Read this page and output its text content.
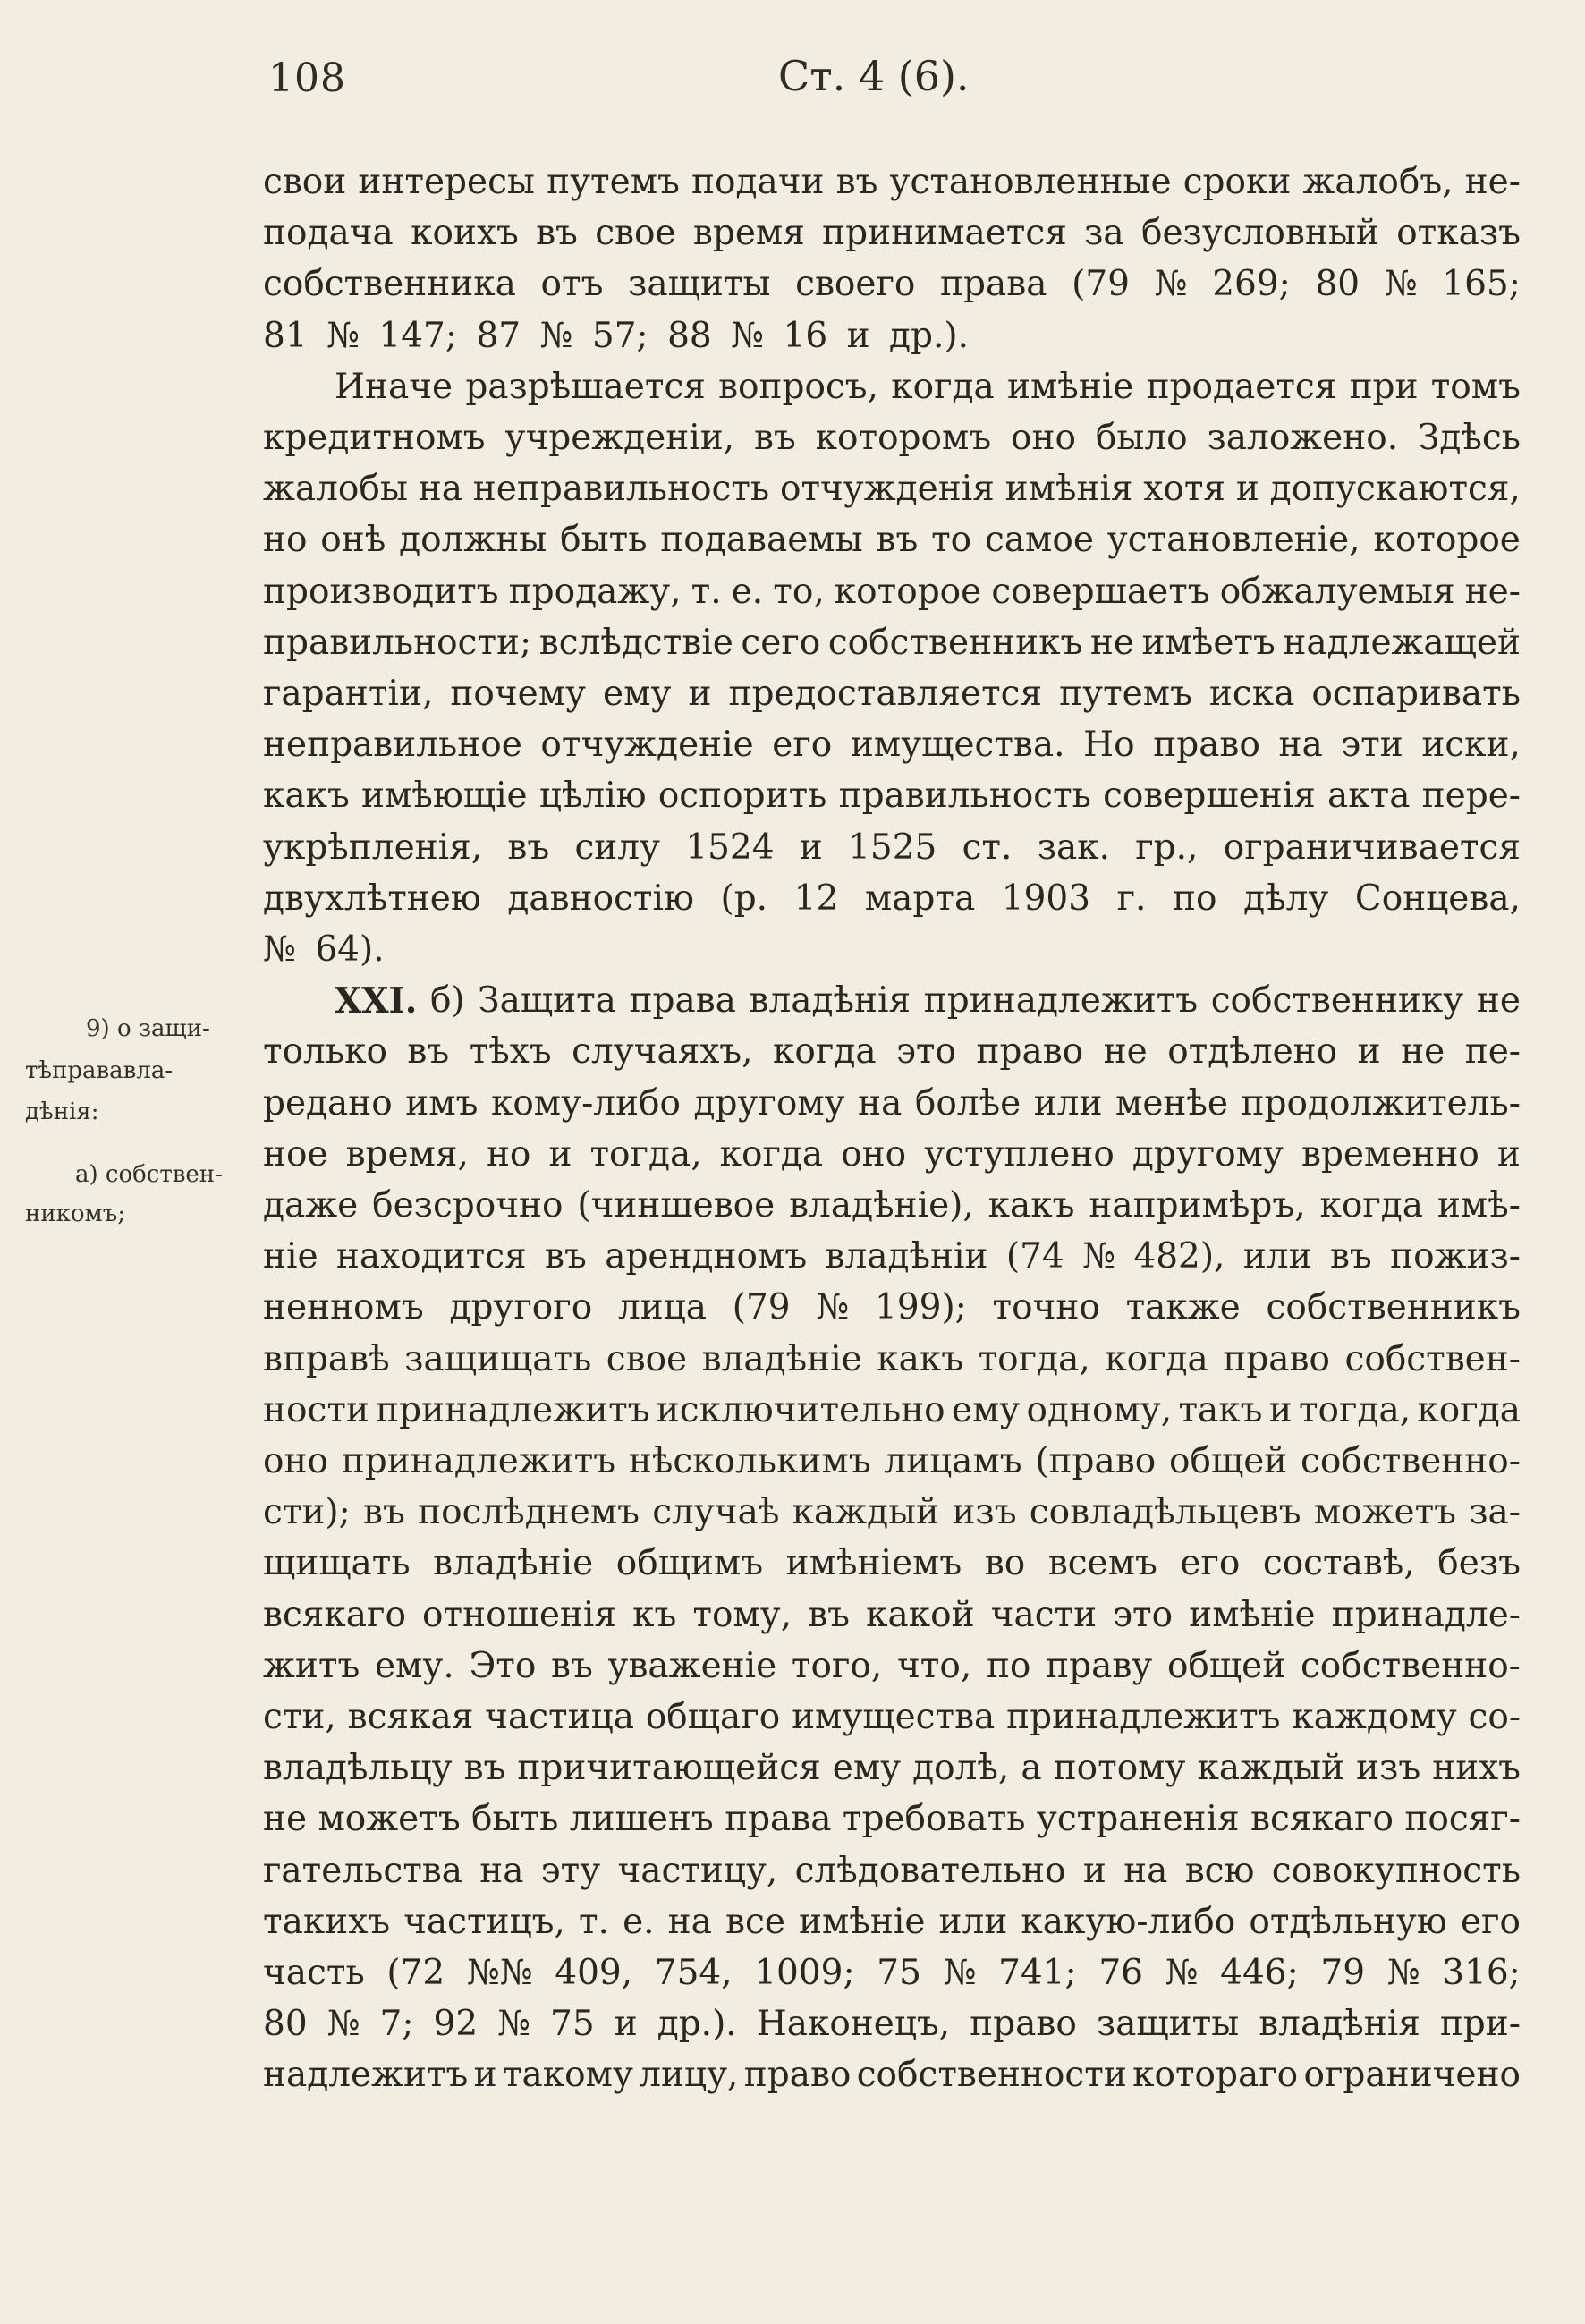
108	Ст. 4 (6).
9) о защи-
тѣправавла-
дѣнія:
а) собствен-
никомъ;
свои интересы путемъ подачи въ установленные сроки жалобъ, не-
подача коихъ въ свое время принимается за безусловный отказъ
собственника отъ защиты своего права (79 № 269; 80 № 165;
81 № 147; 87 № 57; 88 № 16 и др.).
Иначе разрѣшается вопросъ, когда имѣніе продается при томъ
кредитномъ учрежденіи, въ которомъ оно было заложено. Здѣсь
жалобы на неправильность отчужденія имѣнія хотя и допускаются,
но онѣ должны быть подаваемы въ то самое установленіе, которое
производитъ продажу, т. е. то, которое совершаетъ обжалуемыя не-
правильности; вслѣдствіе сего собственникъ не имѣетъ надлежащей
гарантіи, почему ему и предоставляется путемъ иска оспаривать
неправильное отчужденіе его имущества. Но право на эти иски,
какъ имѣющіе цѣлію оспорить правильность совершенія акта пере-
укрѣпленія, въ силу 1524 и 1525 ст. зак. гр., ограничивается
двухлѣтнею давностію (р. 12 марта 1903 г. по дѣлу Сонцева,
№ 64).
XXI. б) Защита права владѣнія принадлежитъ собственнику не
только въ тѣхъ случаяхъ, когда это право не отдѣлено и не пе-
редано имъ кому-либо другому на болѣе или менѣе продолжитель-
ное время, но и тогда, когда оно уступлено другому временно и
даже безсрочно (чиншевое владѣніе), какъ напримѣръ, когда имѣ-
ніе находится въ арендномъ владѣніи (74 № 482), или въ пожиз-
ненномъ другого лица (79 № 199); точно также собственникъ
вправѣ защищать свое владѣніе какъ тогда, когда право собствен-
ности принадлежитъ исключительно ему одному, такъ и тогда, когда
оно принадлежитъ нѣсколькимъ лицамъ (право общей собственно-
сти); въ послѣднемъ случаѣ каждый изъ совладѣльцевъ можетъ за-
щищать владѣніе общимъ имѣніемъ во всемъ его составѣ, безъ
всякаго отношенія къ тому, въ какой части это имѣніе принадле-
житъ ему. Это въ уваженіе того, что, по праву общей собственно-
сти, всякая частица общаго имущества принадлежитъ каждому со-
владѣльцу въ причитающейся ему долѣ, а потому каждый изъ нихъ
не можетъ быть лишенъ права требовать устраненія всякаго посяг-
гательства на эту частицу, слѣдовательно и на всю совокупность
такихъ частицъ, т. е. на все имѣніе или какую-либо отдѣльную его
часть (72 №№ 409, 754, 1009; 75 № 741; 76 № 446; 79 № 316;
80 № 7; 92 № 75 и др.). Наконецъ, право защиты владѣнія при-
надлежитъ и такому лицу, право собственности котораго ограничено
